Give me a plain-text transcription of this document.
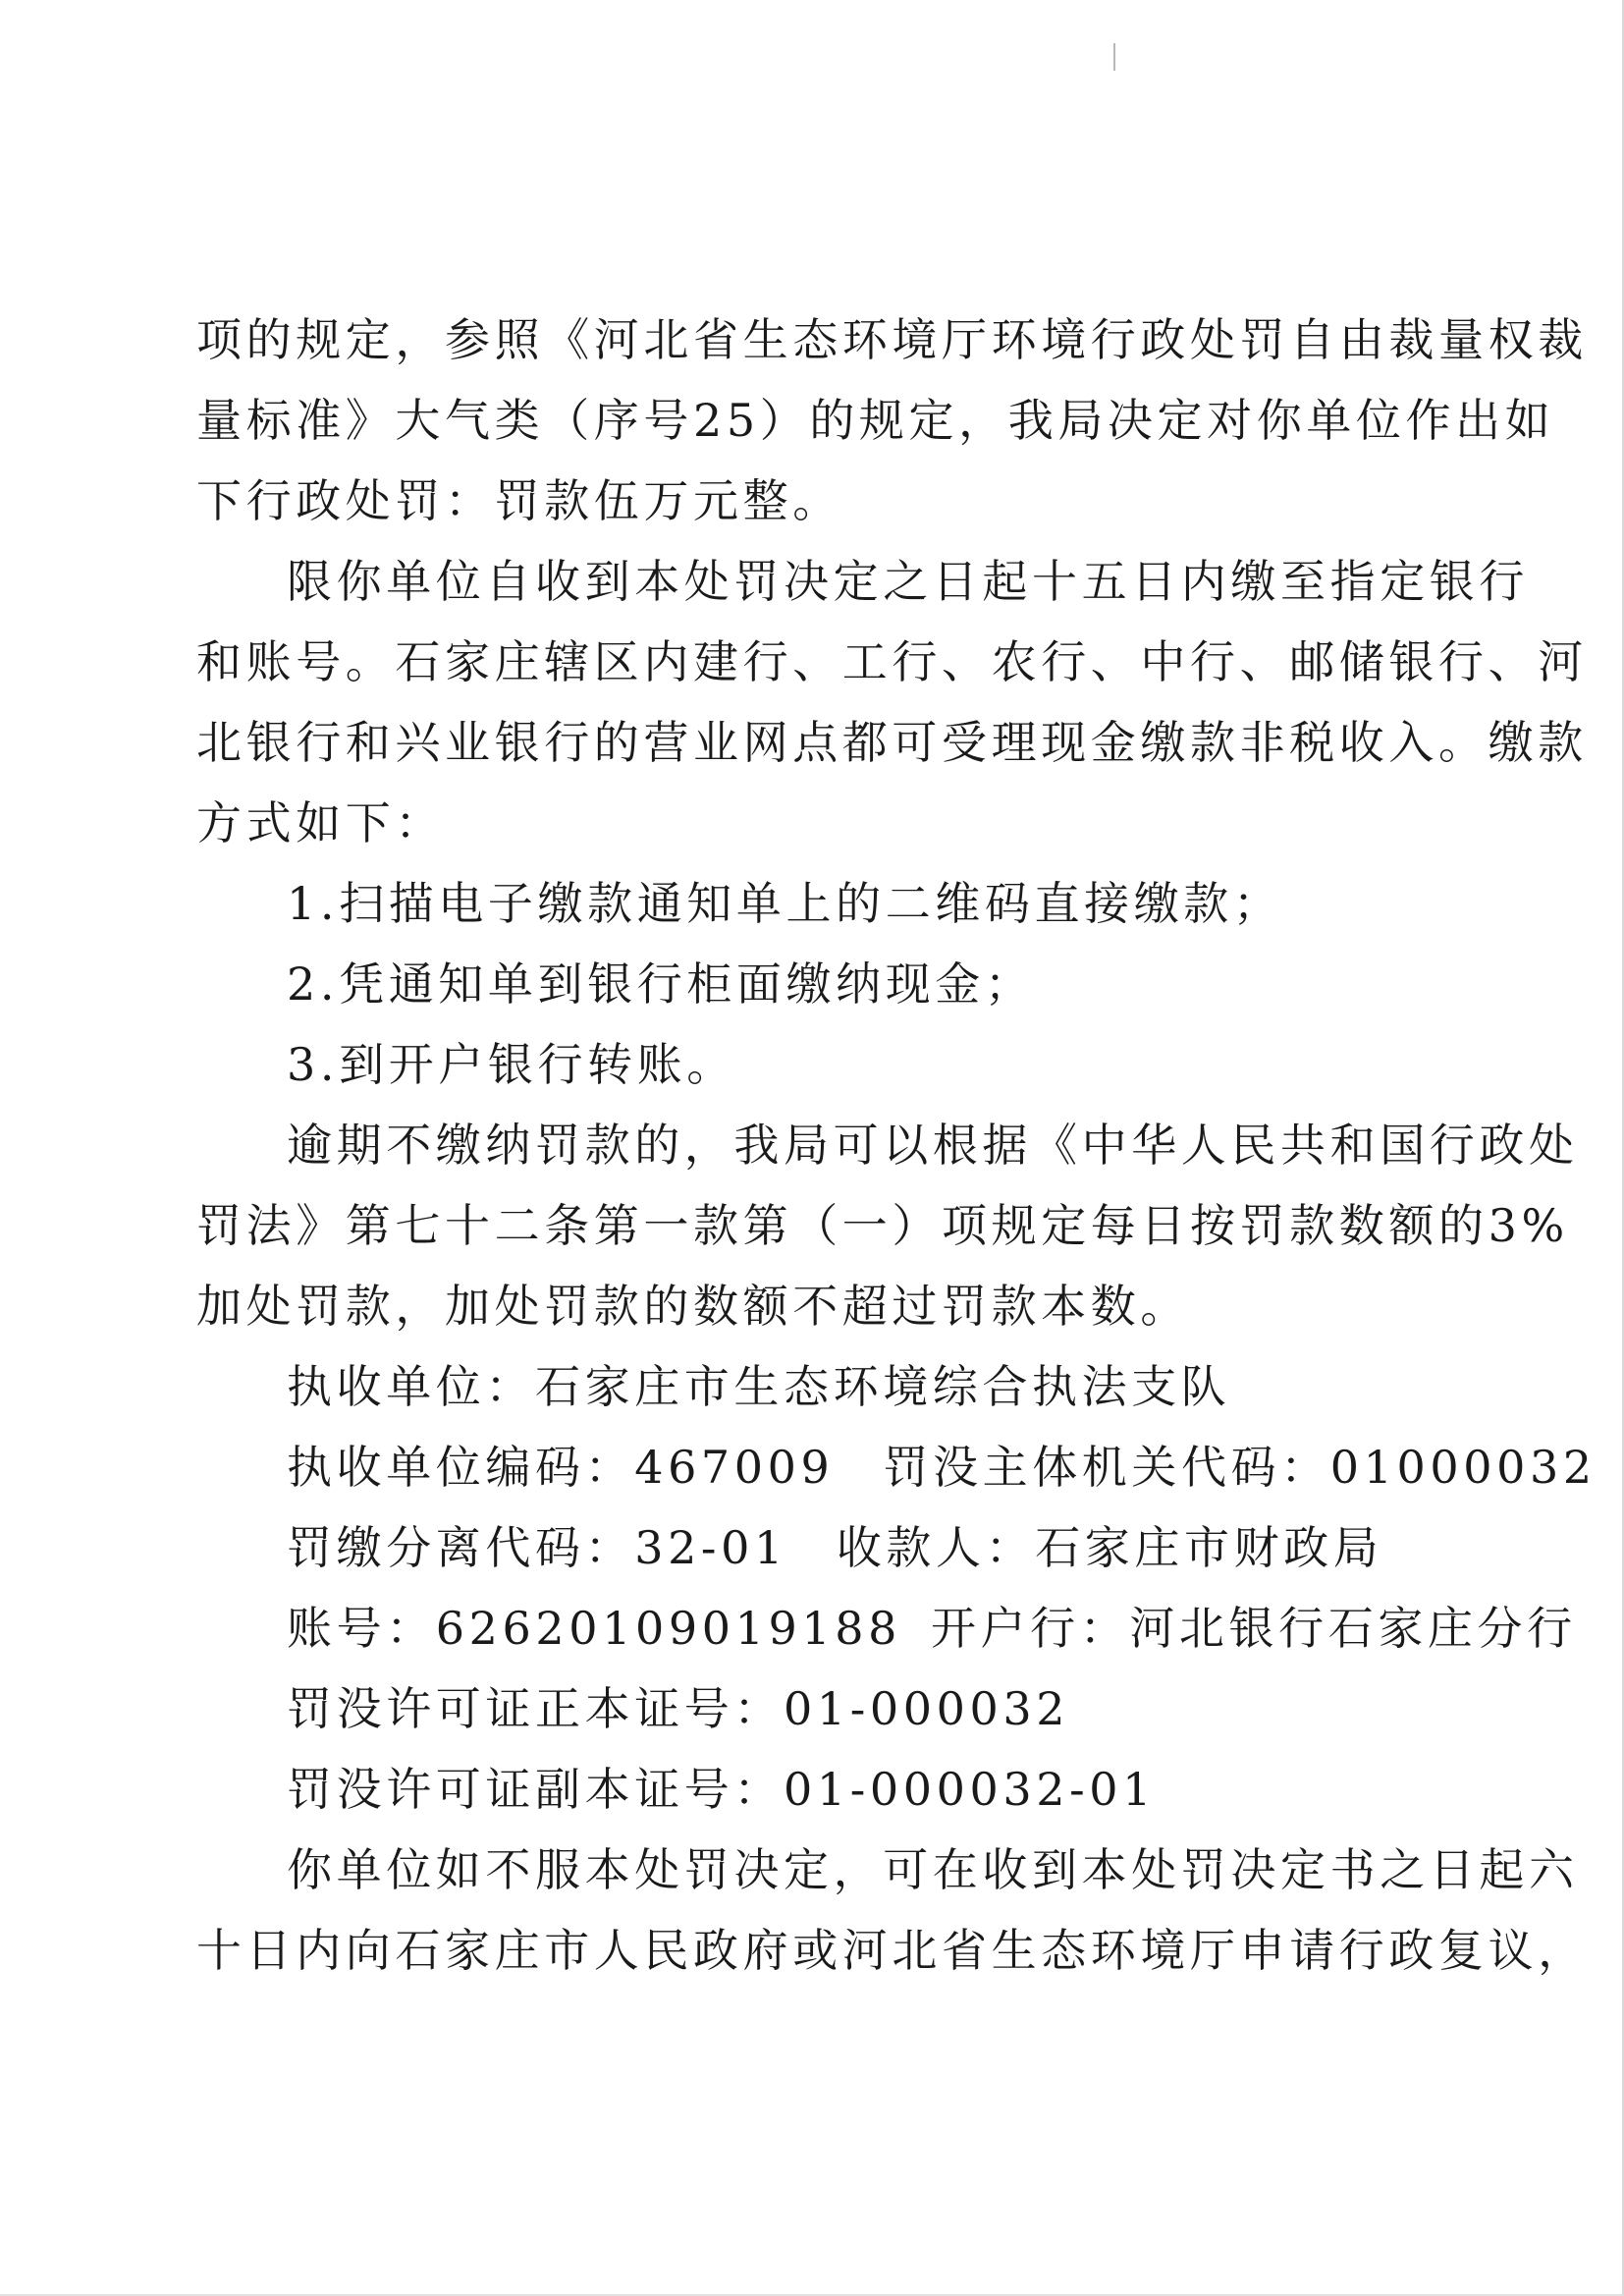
项的规定，参照《河北省生态环境厅环境行政处罚自由裁量权裁
量标准》大气类（序号25）的规定，我局决定对你单位作出如
下行政处罚：罚款伍万元整。
限你单位自收到本处罚决定之日起十五日内缴至指定银行
和账号。石家庄辖区内建行、工行、农行、中行、邮储银行、河
北银行和兴业银行的营业网点都可受理现金缴款非税收入。缴款
方式如下：
1.扫描电子缴款通知单上的二维码直接缴款；
2.凭通知单到银行柜面缴纳现金；
3.到开户银行转账。
逾期不缴纳罚款的，我局可以根据《中华人民共和国行政处
罚法》第七十二条第一款第（一）项规定每日按罚款数额的3%
加处罚款，加处罚款的数额不超过罚款本数。
执收单位：石家庄市生态环境综合执法支队
执收单位编码：467009 罚没主体机关代码：01000032
罚缴分离代码：32-01 收款人：石家庄市财政局
账号：62620109019188 开户行：河北银行石家庄分行
罚没许可证正本证号：01-000032
罚没许可证副本证号：01-000032-01
你单位如不服本处罚决定，可在收到本处罚决定书之日起六
十日内向石家庄市人民政府或河北省生态环境厅申请行政复议，
